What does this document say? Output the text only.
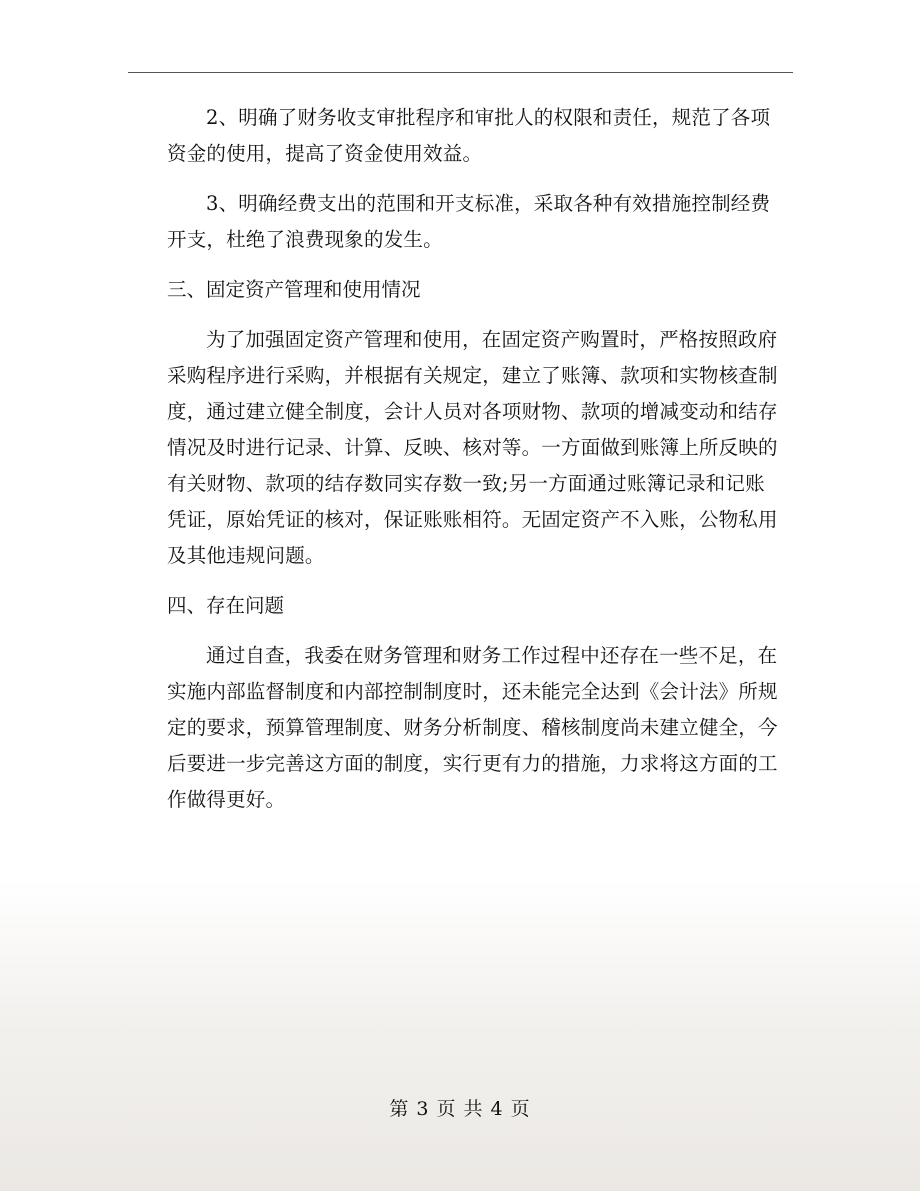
2、明确了财务收支审批程序和审批人的权限和责任，规范了各项
资金的使用，提高了资金使用效益。

3、明确经费支出的范围和开支标准，采取各种有效措施控制经费
开支，杜绝了浪费现象的发生。

三、固定资产管理和使用情况

为了加强固定资产管理和使用，在固定资产购置时，严格按照政府
采购程序进行采购，并根据有关规定，建立了账簿、款项和实物核查制
度，通过建立健全制度，会计人员对各项财物、款项的增减变动和结存
情况及时进行记录、计算、反映、核对等。一方面做到账簿上所反映的
有关财物、款项的结存数同实存数一致;另一方面通过账簿记录和记账
凭证，原始凭证的核对，保证账账相符。无固定资产不入账，公物私用
及其他违规问题。

四、存在问题

通过自查，我委在财务管理和财务工作过程中还存在一些不足，在
实施内部监督制度和内部控制制度时，还未能完全达到《会计法》所规
定的要求，预算管理制度、财务分析制度、稽核制度尚未建立健全，今
后要进一步完善这方面的制度，实行更有力的措施，力求将这方面的工
作做得更好。

第 3 页 共 4 页
